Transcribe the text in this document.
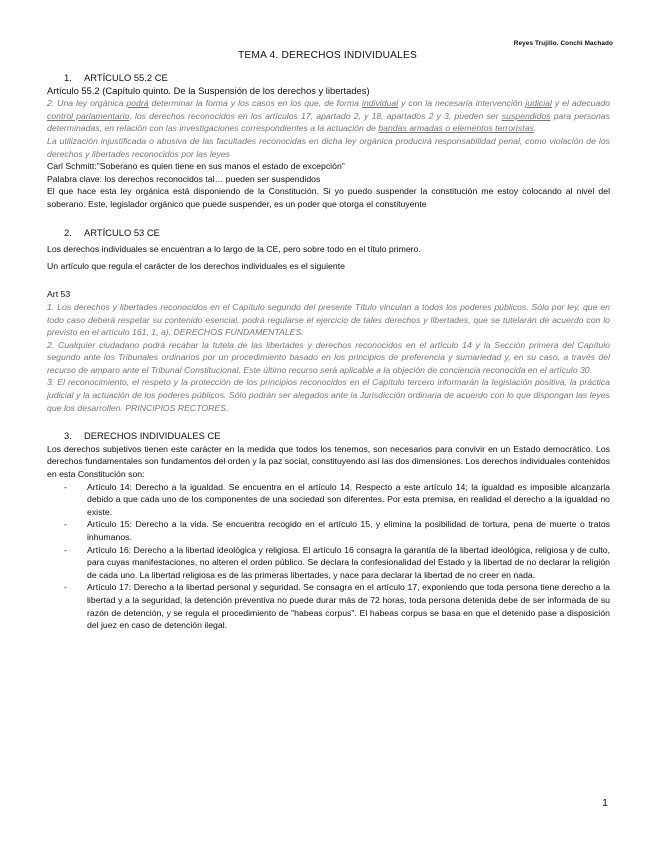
Reyes Trujillo. Conchi Machado
TEMA 4. DERECHOS INDIVIDUALES

1. ARTÍCULO 55.2 CE

Artículo 55.2 (Capítulo quinto. De la Suspensión de los derechos y libertades)

2. Una ley orgánica podrá determinar la forma y los casos en los que, de forma individual y con la necesaria intervención judicial y el adecuado control parlamentario, los derechos reconocidos en los artículos 17, apartado 2, y 18, apartados 2 y 3, pueden ser suspendidos para personas determinadas, en relación con las investigaciones correspondientes a la actuación de bandas armadas o elementos terroristas.

La utilización injustificada o abusiva de las facultades reconocidas en dicha ley orgánica producirá responsabilidad penal, como violación de los derechos y libertades reconocidos por las leyes

Carl Schmitt:"Soberano es quien tiene en sus manos el estado de excepción"

Palabra clave: los derechos reconocidos tal… pueden ser suspendidos

El que hace esta ley orgánica está disponiendo de la Constitución. Si yo puedo suspender la constitución me estoy colocando al nivel del soberano. Este, legislador orgánico que puede suspender, es un poder que otorga el constituyente

2. ARTÍCULO 53 CE

Los derechos individuales se encuentran a lo largo de la CE, pero sobre todo en el título primero.

Un artículo que regula el carácter de los derechos individuales es el siguiente

Art 53

1. Los derechos y libertades reconocidos en el Capítulo segundo del presente Título vinculan a todos los poderes públicos. Sólo por ley, que en todo caso deberá respetar su contenido esencial, podrá regularse el ejercicio de tales derechos y libertades, que se tutelarán de acuerdo con lo previsto en el artículo 161, 1, a). DERECHOS FUNDAMENTALES.

2. Cualquier ciudadano podrá recabar la tutela de las libertades y derechos reconocidos en el artículo 14 y la Sección primera del Capítulo segundo ante los Tribunales ordinarios por un procedimiento basado en los principios de preferencia y sumariedad y, en su caso, a través del recurso de amparo ante el Tribunal Constitucional. Este último recurso será aplicable a la objeción de conciencia reconocida en el artículo 30.

3. El reconocimiento, el respeto y la protección de los principios reconocidos en el Capítulo tercero informarán la legislación positiva, la práctica judicial y la actuación de los poderes públicos. Sólo podrán ser alegados ante la Jurisdicción ordinaria de acuerdo con lo que dispongan las leyes que los desarrollen. PRINCIPIOS RECTORES.

3. DERECHOS INDIVIDUALES CE

Los derechos subjetivos tienen este carácter en la medida que todos los tenemos, son necesarios para convivir en un Estado democrático. Los derechos fundamentales son fundamentos del orden y la paz social, constituyendo así las dos dimensiones. Los derechos individuales contenidos en esta Constitución son:

- Artículo 14: Derecho a la igualdad. Se encuentra en el artículo 14. Respecto a este artículo 14; la igualdad es imposible alcanzarla debido a que cada uno de los componentes de una sociedad son diferentes. Por esta premisa, en realidad el derecho a la igualdad no existe.
- Artículo 15: Derecho a la vida. Se encuentra recogido en el artículo 15, y elimina la posibilidad de tortura, pena de muerte o tratos inhumanos.
- Artículo 16: Derecho a la libertad ideológica y religiosa. El artículo 16 consagra la garantía de la libertad ideológica, religiosa y de culto, para cuyas manifestaciones, no alteren el orden público. Se declara la confesionalidad del Estado y la libertad de no declarar la religión de cada uno. La libertad religiosa es de las primeras libertades, y nace para declarar la libertad de no creer en nada.
- Artículo 17: Derecho a la libertad personal y seguridad. Se consagra en el artículo 17, exponiendo que toda persona tiene derecho a la libertad y a la seguridad, la detención preventiva no puede durar más de 72 horas, toda persona detenida debe de ser informada de su razón de detención, y se regula el procedimiento de "habeas corpus". El habeas corpus se basa en que el detenido pase a disposición del juez en caso de detención ilegal.
1
